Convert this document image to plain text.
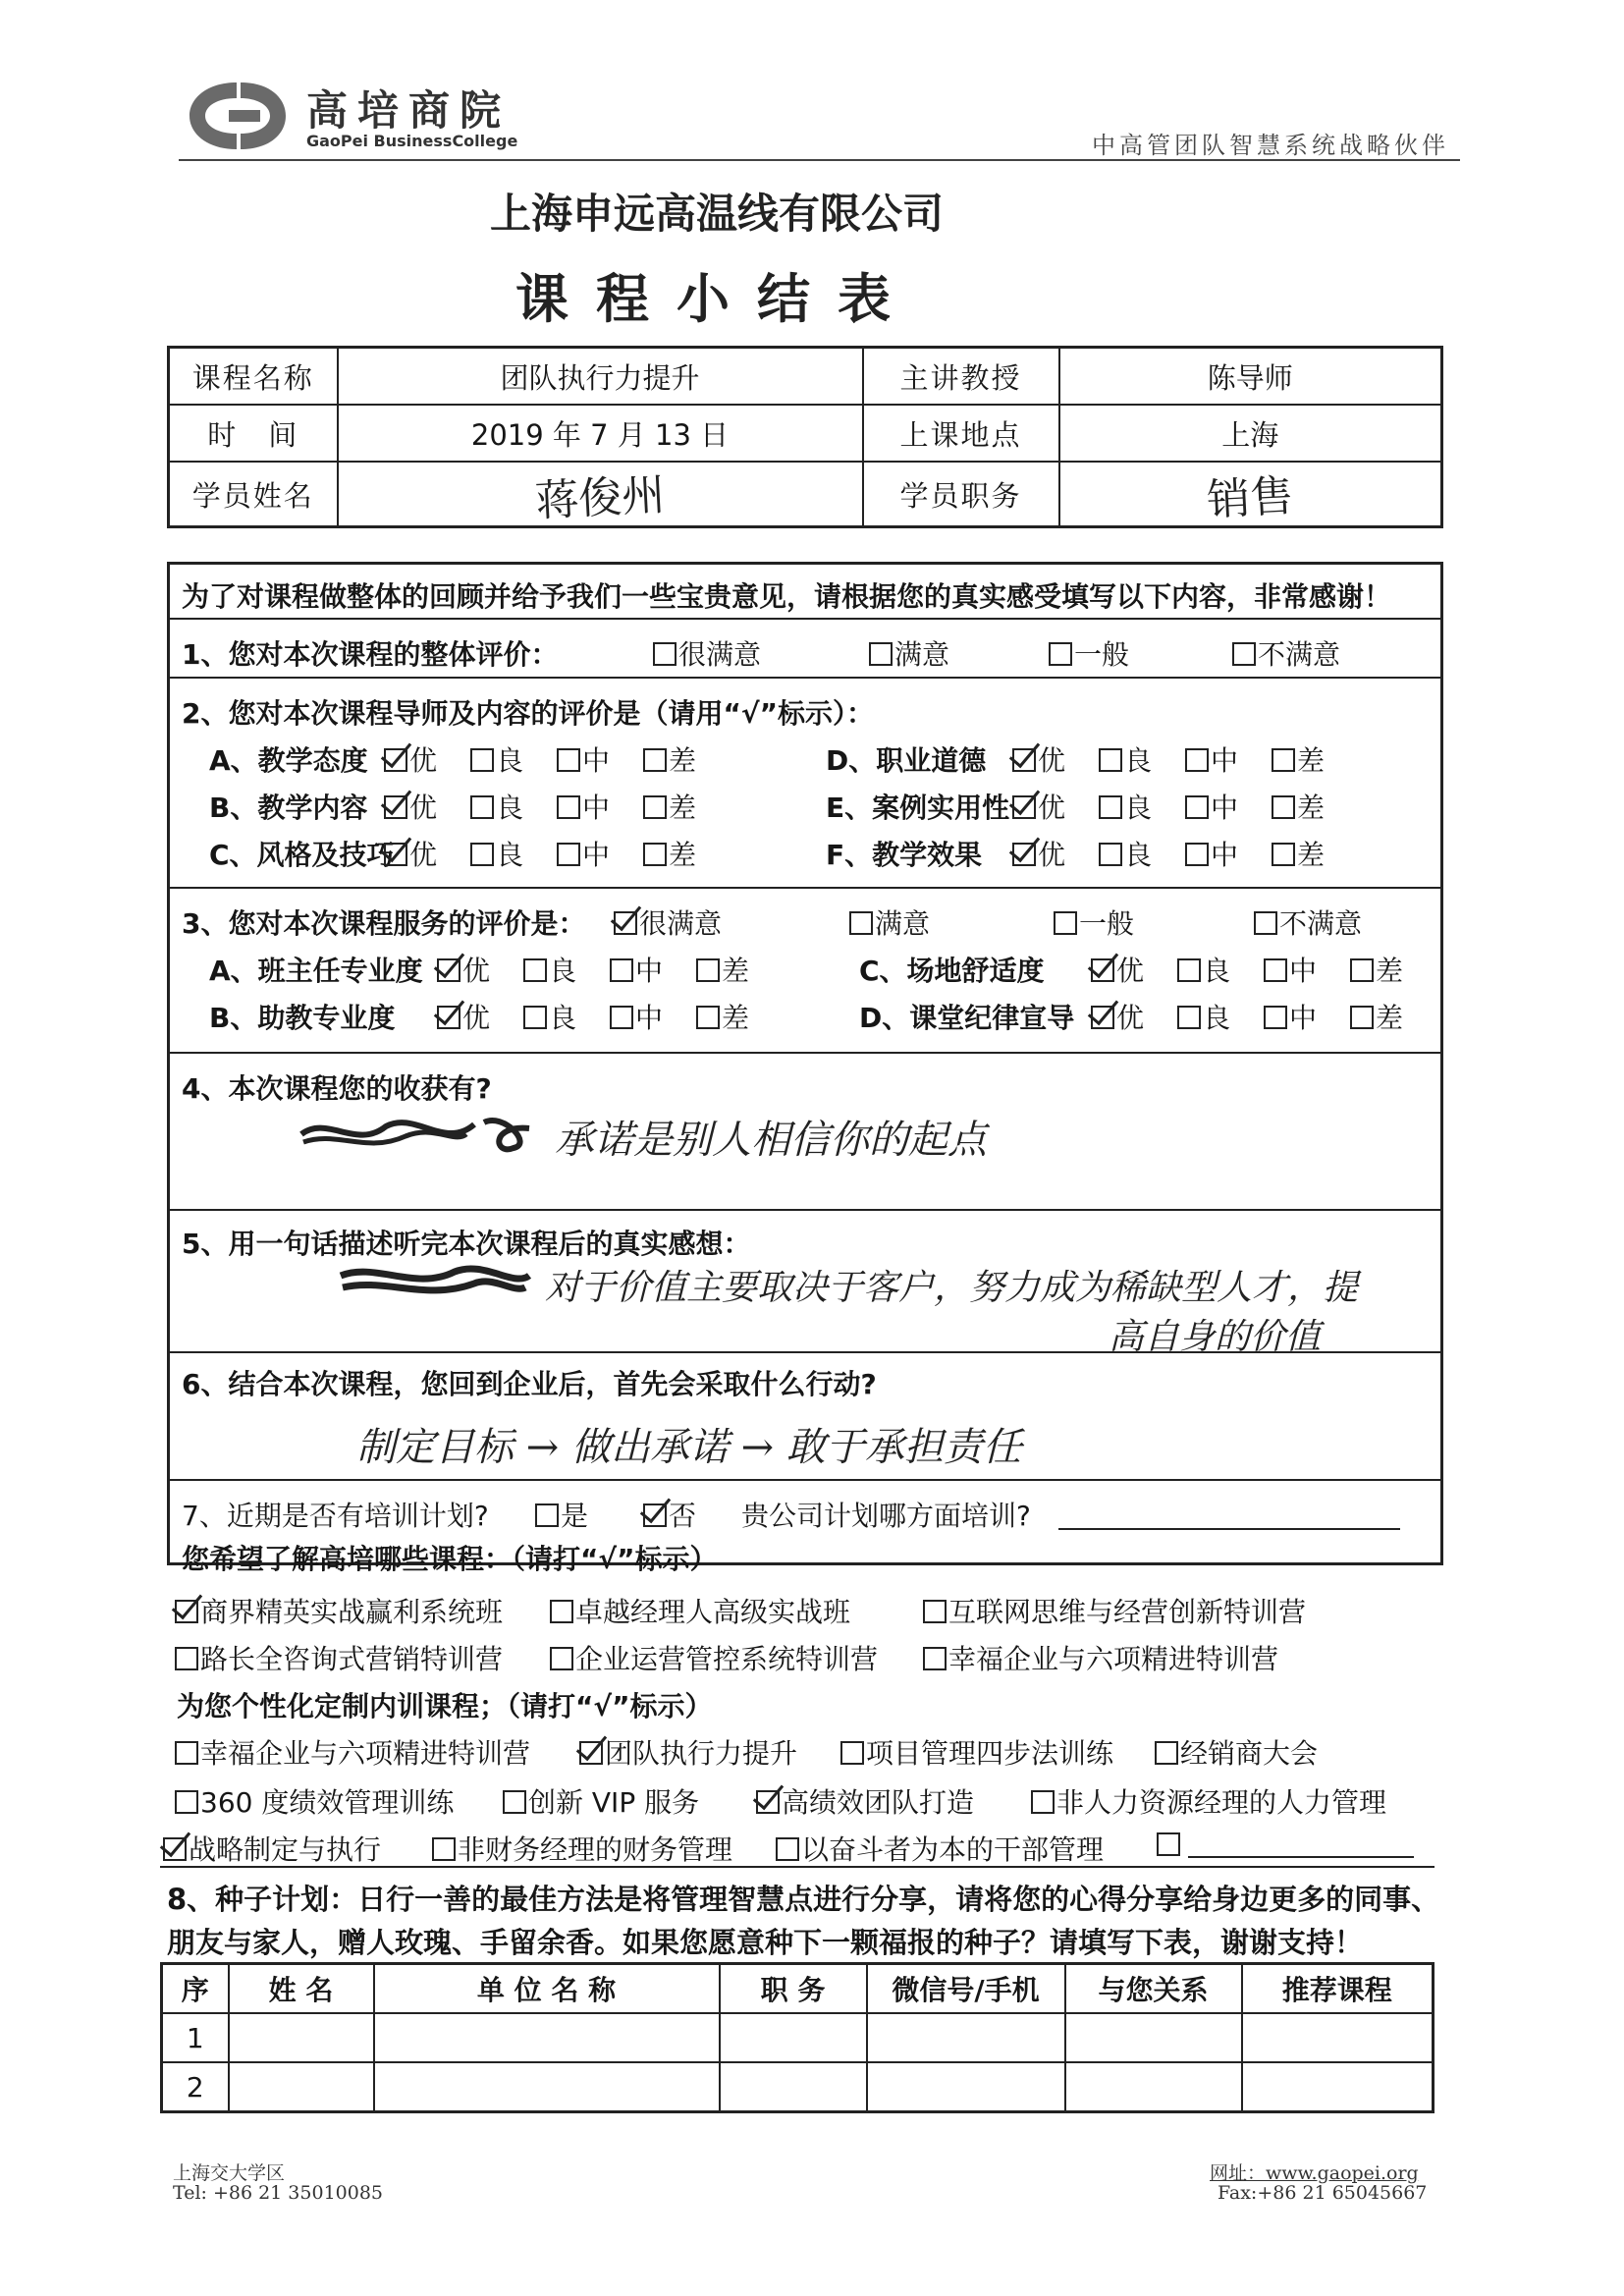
高培商院
GaoPei BusinessCollege	中高管团队智慧系统战略伙伴
上海申远高温线有限公司
课程小结表
课程名称	团队执行力提升	主讲教授	陈导师
时　间	2019 年 7 月 13 日	上课地点	上海
学员姓名	蒋俊州	学员职务	销售
为了对课程做整体的回顾并给予我们一些宝贵意见，请根据您的真实感受填写以下内容，非常感谢！
1、您对本次课程的整体评价：	很满意	满意	一般	不满意
2、您对本次课程导师及内容的评价是（请用“√”标示）：
A、教学态度	优	良	中	差
B、教学内容	优	良	中	差
C、风格及技巧 优	良	中	差
D、职业道德	优	良	中	差
E、案例实用性	优	良	中	差
F、教学效果	优	良	中	差
3、您对本次课程服务的评价是：	很满意	满意	一般	不满意
A、班主任专业度	优	良	中	差
B、助教专业度	优	良	中	差
C、场地舒适度	优	良	中	差
D、课堂纪律宣导	优	良	中	差
4、本次课程您的收获有?
承诺是别人相信你的起点
5、用一句话描述听完本次课程后的真实感想：
对于价值主要取决于客户，努力成为稀缺型人才，提
高自身的价值
6、结合本次课程，您回到企业后，首先会采取什么行动?
制定目标 → 做出承诺 → 敢于承担责任
7、近期是否有培训计划?	是	否 贵公司计划哪方面培训?
您希望了解高培哪些课程：（请打“√”标示）
商界精英实战赢利系统班	卓越经理人高级实战班	互联网思维与经营创新特训营
路长全咨询式营销特训营	企业运营管控系统特训营	幸福企业与六项精进特训营
为您个性化定制内训课程；（请打“√”标示）
幸福企业与六项精进特训营	团队执行力提升	项目管理四步法训练	经销商大会
360 度绩效管理训练	创新 VIP 服务	高绩效团队打造	非人力资源经理的人力管理
战略制定与执行	非财务经理的财务管理	以奋斗者为本的干部管理
8、种子计划：日行一善的最佳方法是将管理智慧点进行分享，请将您的心得分享给身边更多的同事、
朋友与家人，赠人玫瑰、手留余香。如果您愿意种下一颗福报的种子？请填写下表，谢谢支持！
序	姓 名	单 位 名 称	职 务	微信号/手机	与您关系	推荐课程
1						
2						
上海交大学区
Tel: +86 21 35010085
网址：www.gaopei.org
Fax:+86 21 65045667
